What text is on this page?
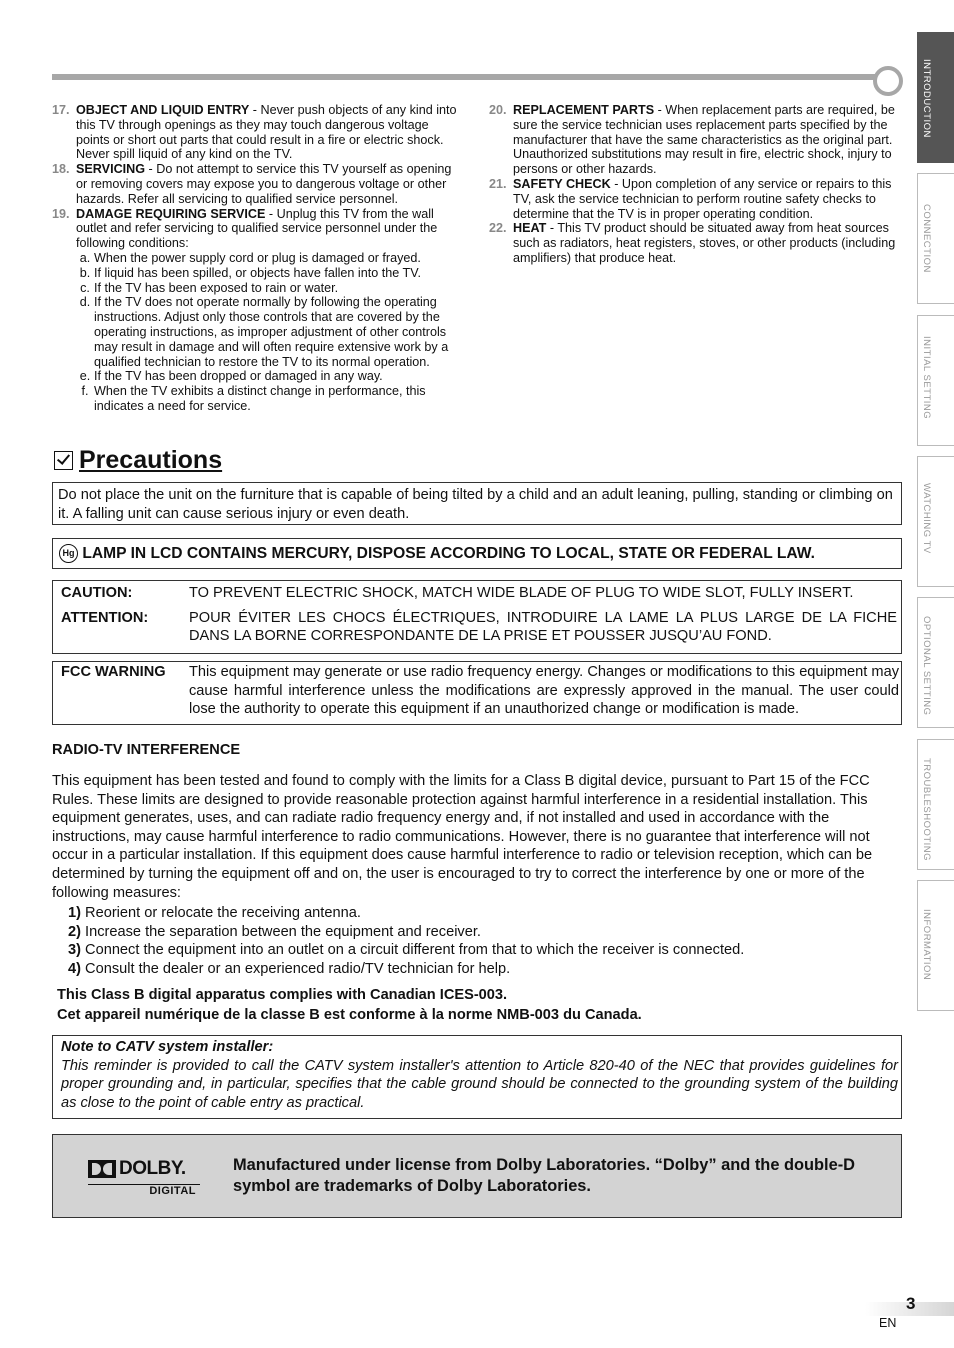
17. OBJECT AND LIQUID ENTRY - Never push objects of any kind into this TV through openings as they may touch dangerous voltage points or short out parts that could result in a fire or electric shock. Never spill liquid of any kind on the TV.
18. SERVICING - Do not attempt to service this TV yourself as opening or removing covers may expose you to dangerous voltage or other hazards. Refer all servicing to qualified service personnel.
19. DAMAGE REQUIRING SERVICE - Unplug this TV from the wall outlet and refer servicing to qualified service personnel under the following conditions:
a. When the power supply cord or plug is damaged or frayed.
b. If liquid has been spilled, or objects have fallen into the TV.
c. If the TV has been exposed to rain or water.
d. If the TV does not operate normally by following the operating instructions. Adjust only those controls that are covered by the operating instructions, as improper adjustment of other controls may result in damage and will often require extensive work by a qualified technician to restore the TV to its normal operation.
e. If the TV has been dropped or damaged in any way.
f. When the TV exhibits a distinct change in performance, this indicates a need for service.
20. REPLACEMENT PARTS - When replacement parts are required, be sure the service technician uses replacement parts specified by the manufacturer that have the same characteristics as the original part. Unauthorized substitutions may result in fire, electric shock, injury to persons or other hazards.
21. SAFETY CHECK - Upon completion of any service or repairs to this TV, ask the service technician to perform routine safety checks to determine that the TV is in proper operating condition.
22. HEAT - This TV product should be situated away from heat sources such as radiators, heat registers, stoves, or other products (including amplifiers) that produce heat.
Precautions
Do not place the unit on the furniture that is capable of being tilted by a child and an adult leaning, pulling, standing or climbing on it. A falling unit can cause serious injury or even death.
Hg LAMP IN LCD CONTAINS MERCURY, DISPOSE ACCORDING TO LOCAL, STATE OR FEDERAL LAW.
CAUTION:	TO PREVENT ELECTRIC SHOCK, MATCH WIDE BLADE OF PLUG TO WIDE SLOT, FULLY INSERT.
ATTENTION:	POUR ÉVITER LES CHOCS ÉLECTRIQUES, INTRODUIRE LA LAME LA PLUS LARGE DE LA FICHE DANS LA BORNE CORRESPONDANTE DE LA PRISE ET POUSSER JUSQU’AU FOND.
FCC WARNING	This equipment may generate or use radio frequency energy. Changes or modifications to this equipment may cause harmful interference unless the modifications are expressly approved in the manual. The user could lose the authority to operate this equipment if an unauthorized change or modification is made.
RADIO-TV INTERFERENCE
This equipment has been tested and found to comply with the limits for a Class B digital device, pursuant to Part 15 of the FCC Rules. These limits are designed to provide reasonable protection against harmful interference in a residential installation. This equipment generates, uses, and can radiate radio frequency energy and, if not installed and used in accordance with the instructions, may cause harmful interference to radio communications. However, there is no guarantee that interference will not occur in a particular installation. If this equipment does cause harmful interference to radio or television reception, which can be determined by turning the equipment off and on, the user is encouraged to try to correct the interference by one or more of the following measures:
1) Reorient or relocate the receiving antenna.
2) Increase the separation between the equipment and receiver.
3) Connect the equipment into an outlet on a circuit different from that to which the receiver is connected.
4) Consult the dealer or an experienced radio/TV technician for help.
This Class B digital apparatus complies with Canadian ICES-003.
Cet appareil numérique de la classe B est conforme à la norme NMB-003 du Canada.
Note to CATV system installer:
This reminder is provided to call the CATV system installer's attention to Article 820-40 of the NEC that provides guidelines for proper grounding and, in particular, specifies that the cable ground should be connected to the grounding system of the building as close to the point of cable entry as practical.
DOLBY.
DIGITAL
Manufactured under license from Dolby Laboratories. “Dolby” and the double-D symbol are trademarks of Dolby Laboratories.
INTRODUCTION
CONNECTION
INITIAL SETTING
WATCHING TV
OPTIONAL SETTING
TROUBLESHOOTING
INFORMATION
3
EN
